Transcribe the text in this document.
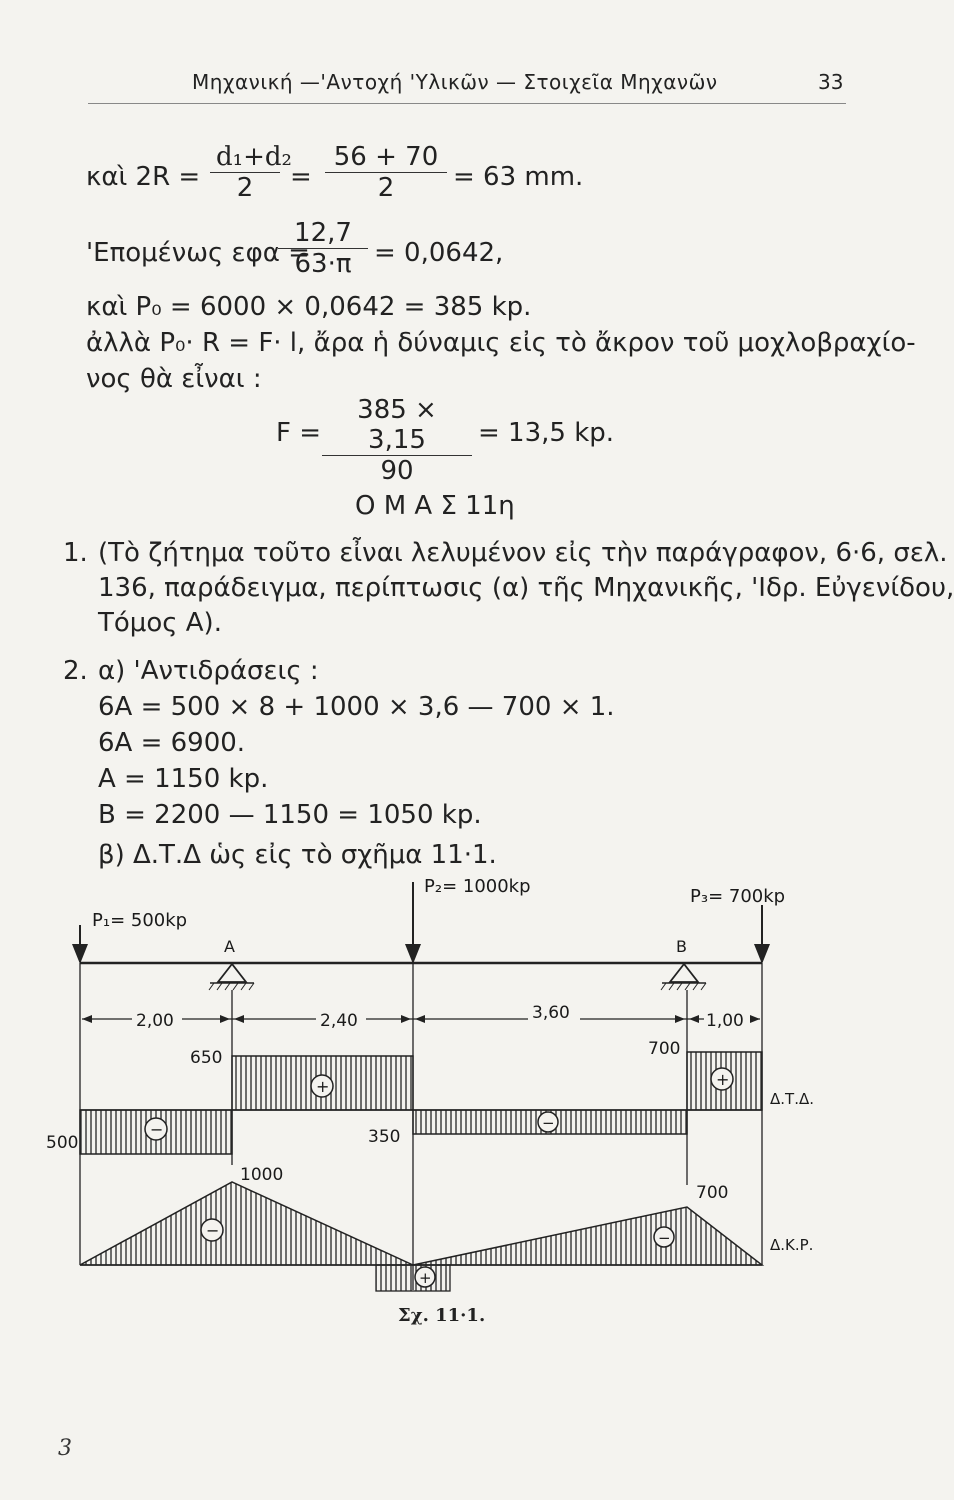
Μηχανική —'Αντοχή 'Υλικῶν — Στοιχεῖα Μηχανῶν	33
καὶ $2R = \frac{\text{d₁+d₂}}{2} = \frac{56 + 70}{2} = 63$ mm.
'Επομένως εφα =
$\frac{12,7}{63\cdot\pi} = 0,0642$,
καὶ P₀ = 6000 × 0,0642 = 385 kp.
ἀλλὰ P₀· R = F· l, ἄρα ἡ δύναμις εἰς τὸ ἄκρον τοῦ μοχλοβραχίο-
νος θὰ εἶναι :
$F = \frac{385 \times 3,15}{90} = 13,5$ kp.
Ο Μ Α Σ 11η
1. (Τὸ ζήτημα τοῦτο εἶναι λελυμένον εἰς τὴν παράγραφον, 6·6, σελ.
136, παράδειγμα, περίπτωσις (α) τῆς Μηχανικῆς, 'Ιδρ. Εὐγενίδου,
Τόμος Α).
2. α) 'Αντιδράσεις :
6A = 500 × 8 + 1000 × 3,6 — 700 × 1.
6A = 6900.
A = 1150 kp.
B = 2200 — 1150 = 1050 kp.
β) Δ.Τ.Δ ὡς εἰς τὸ σχῆμα 11·1.
P₁= 500kp
P₂= 1000kp	P₃= 700kp
A	B
2,00	2,40	3,60	1,00
−
+
−
+
650
500	350
700
Δ.Τ.Δ.
−	−
+
1000
700
Δ.Κ.Ρ.
Σχ. 11·1.
3
